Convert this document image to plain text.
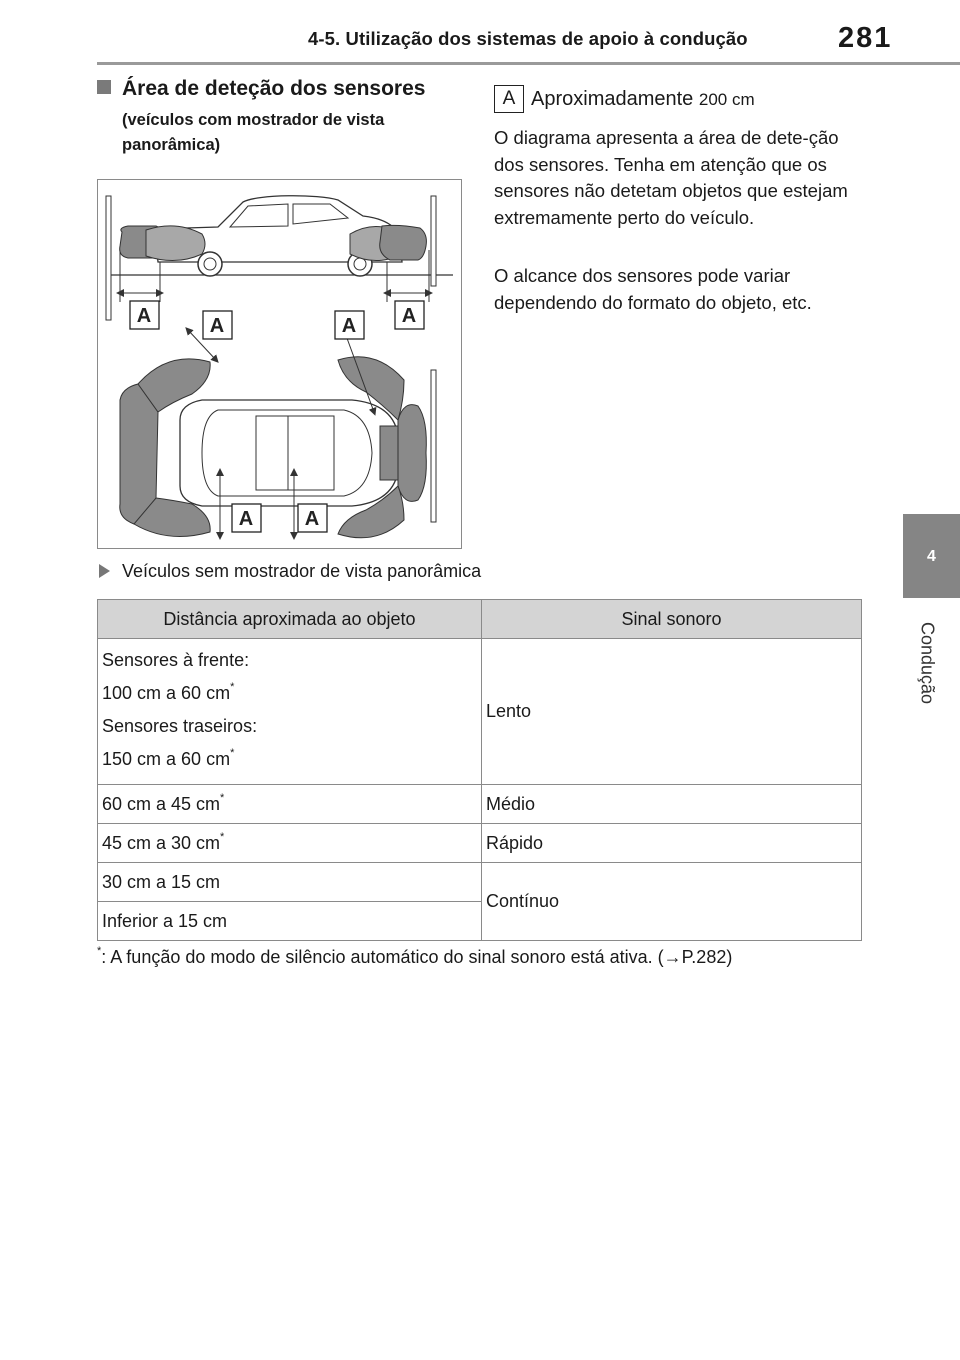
4-5. Utilização dos sistemas de apoio à condução	281
4
Condução
Área de deteção dos sensores
(veículos com mostrador de vista panorâmica)
A	A	A A
A	A
A Aproximadamente 200 cm
O diagrama apresenta a área de dete-ção dos sensores. Tenha em atenção que os sensores não detetam objetos que estejam extremamente perto do veículo.
O alcance dos sensores pode variar dependendo do formato do objeto, etc.
Veículos sem mostrador de vista panorâmica
Distância aproximada ao objeto	Sinal sonoro

Sensores à frente:

100 cm a 60 cm*

Sensores traseiros:

150 cm a 60 cm*	Lento
60 cm a 45 cm*	Médio
45 cm a 30 cm*	Rápido
30 cm a 15 cm	Contínuo
Inferior a 15 cm	
*: A função do modo de silêncio automático do sinal sonoro está ativa. (→P.282)
